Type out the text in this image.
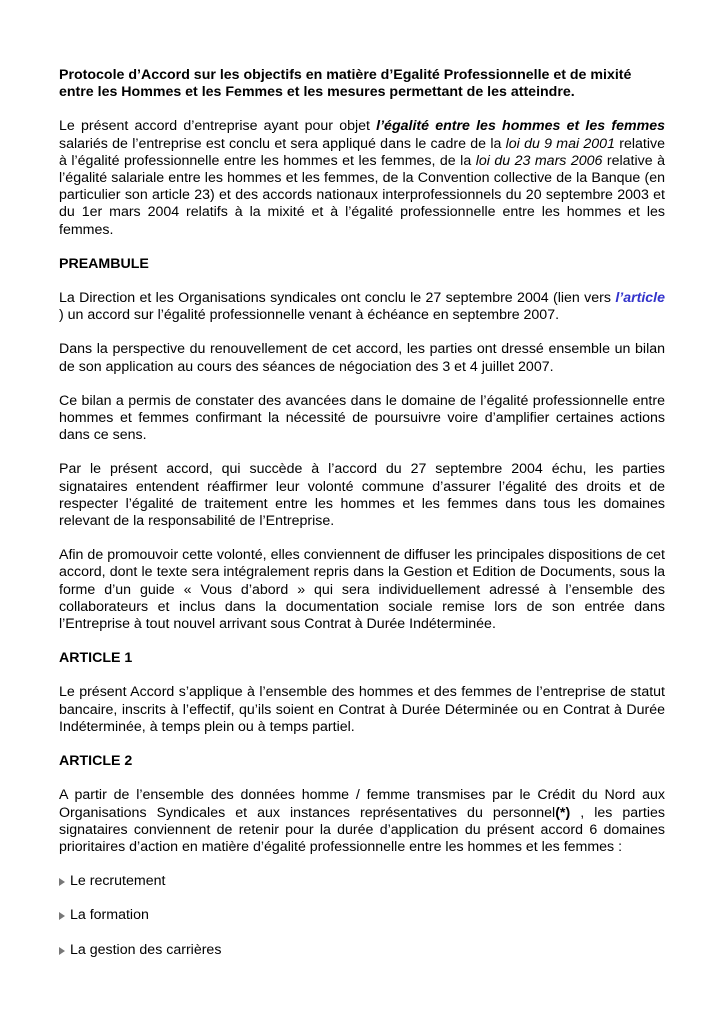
Protocole d’Accord sur les objectifs en matière d’Egalité Professionnelle et de mixité entre les Hommes et les Femmes et les mesures permettant de les atteindre.

Le présent accord d’entreprise ayant pour objet l’égalité entre les hommes et les femmes salariés de l’entreprise est conclu et sera appliqué dans le cadre de la loi du 9 mai 2001 relative à l’égalité professionnelle entre les hommes et les femmes, de la loi du 23 mars 2006 relative à l’égalité salariale entre les hommes et les femmes, de la Convention collective de la Banque (en particulier son article 23) et des accords nationaux interprofessionnels du 20 septembre 2003 et du 1er mars 2004 relatifs à la mixité et à l’égalité professionnelle entre les hommes et les femmes.

PREAMBULE

La Direction et les Organisations syndicales ont conclu le 27 septembre 2004 (lien vers l’article ) un accord sur l’égalité professionnelle venant à échéance en septembre 2007.

Dans la perspective du renouvellement de cet accord, les parties ont dressé ensemble un bilan de son application au cours des séances de négociation des 3 et 4 juillet 2007.

Ce bilan a permis de constater des avancées dans le domaine de l’égalité professionnelle entre hommes et femmes confirmant la nécessité de poursuivre voire d’amplifier certaines actions dans ce sens.

Par le présent accord, qui succède à l’accord du 27 septembre 2004 échu, les parties signataires entendent réaffirmer leur volonté commune d’assurer l’égalité des droits et de respecter l’égalité de traitement entre les hommes et les femmes dans tous les domaines relevant de la responsabilité de l’Entreprise.

Afin de promouvoir cette volonté, elles conviennent de diffuser les principales dispositions de cet accord, dont le texte sera intégralement repris dans la Gestion et Edition de Documents, sous la forme d’un guide « Vous d’abord » qui sera individuellement adressé à l’ensemble des collaborateurs et inclus dans la documentation sociale remise lors de son entrée dans l’Entreprise à tout nouvel arrivant sous Contrat à Durée Indéterminée.

ARTICLE 1

Le présent Accord s’applique à l’ensemble des hommes et des femmes de l’entreprise de statut bancaire, inscrits à l’effectif, qu’ils soient en Contrat à Durée Déterminée ou en Contrat à Durée Indéterminée, à temps plein ou à temps partiel.

ARTICLE 2

A partir de l’ensemble des données homme / femme transmises par le Crédit du Nord aux Organisations Syndicales et aux instances représentatives du personnel(*) , les parties signataires conviennent de retenir pour la durée d’application du présent accord 6 domaines prioritaires d’action en matière d’égalité professionnelle entre les hommes et les femmes :

Le recrutement
La formation
La gestion des carrières
